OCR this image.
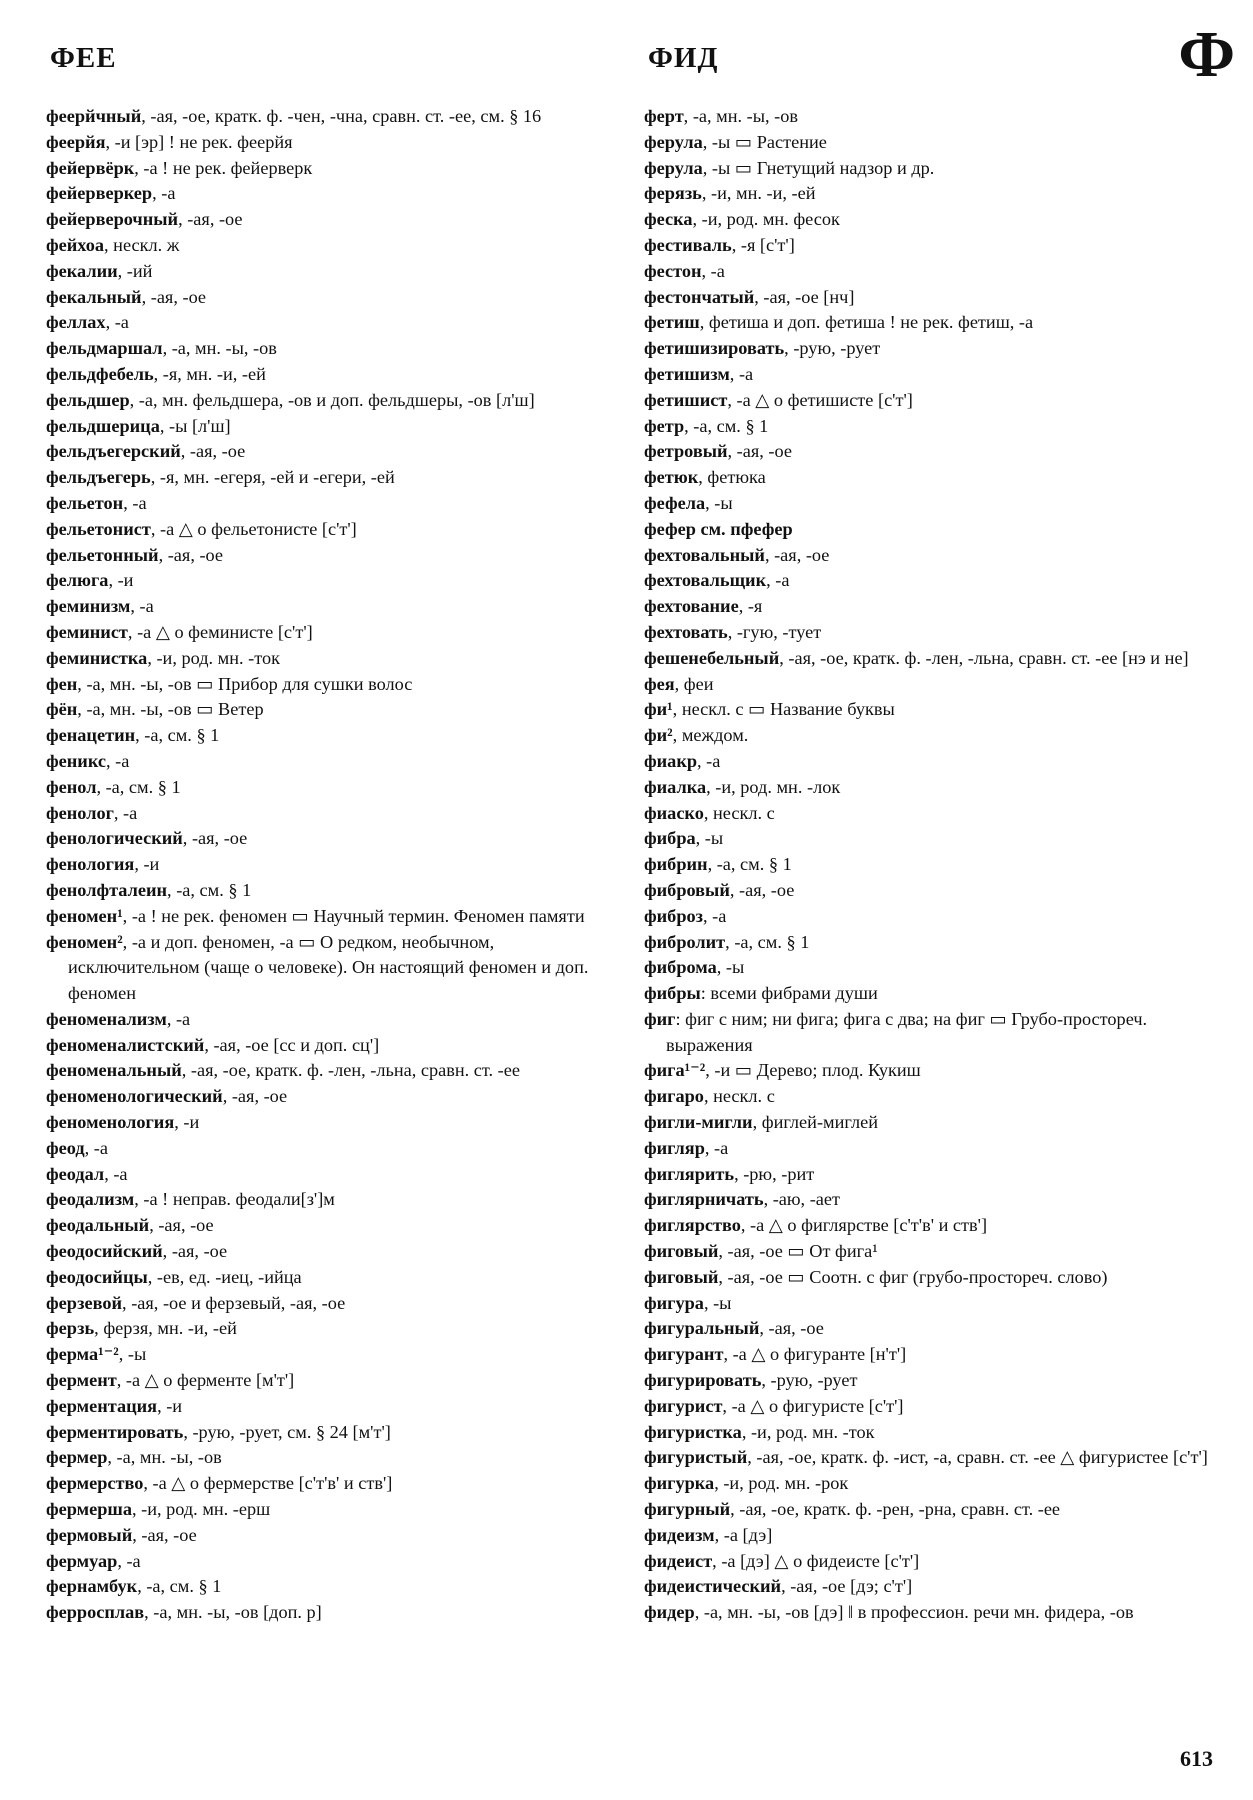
ФЕЕ	ФИД	Ф
феерйчный, -ая, -ое, кратк. ф. -чен, -чна, сравн. ст. -ее, см. § 16
феерйя, -и [эр] ! не рек. феерйя
фейервёрк, -а ! не рек. фейерверк
фейерверкер, -а
фейерверочный, -ая, -ое
фейхоа, нескл. ж
фекалии, -ий
фекальный, -ая, -ое
феллах, -а
фельдмаршал, -а, мн. -ы, -ов
фельдфебель, -я, мн. -и, -ей
фельдшер, -а, мн. фельдшера, -ов и доп. фельдшеры, -ов [л'ш]
фельдшерица, -ы [л'ш]
фельдъегерский, -ая, -ое
фельдъегерь, -я, мн. -егеря, -ей и -егери, -ей
фельетон, -а
фельетонист, -а △ о фельетонисте [с'т']
фельетонный, -ая, -ое
фелюга, -и
феминизм, -а
феминист, -а △ о феминисте [с'т']
феминистка, -и, род. мн. -ток
фен, -а, мн. -ы, -ов ▭ Прибор для сушки волос
фён, -а, мн. -ы, -ов ▭ Ветер
фенацетин, -а, см. § 1
феникс, -а
фенол, -а, см. § 1
фенолог, -а
фенологический, -ая, -ое
фенология, -и
фенолфталеин, -а, см. § 1
феномен¹, -а ! не рек. феномен ▭ Научный термин. Феномен памяти
феномен², -а и доп. феномен, -а ▭ О редком, необычном, исключительном (чаще о человеке). Он настоящий феномен и доп. феномен
феноменализм, -а
феноменалистский, -ая, -ое [сс и доп. сц']
феноменальный, -ая, -ое, кратк. ф. -лен, -льна, сравн. ст. -ее
феноменологический, -ая, -ое
феноменология, -и
феод, -а
феодал, -а
феодализм, -а ! неправ. феодали[з']м
феодальный, -ая, -ое
феодосийский, -ая, -ое
феодосийцы, -ев, ед. -иец, -ийца
ферзевой, -ая, -ое и ферзевый, -ая, -ое
ферзь, ферзя, мн. -и, -ей
ферма¹⁻², -ы
фермент, -а △ о ферменте [м'т']
ферментация, -и
ферментировать, -рую, -рует, см. § 24 [м'т']
фермер, -а, мн. -ы, -ов
фермерство, -а △ о фермерстве [с'т'в' и ств']
фермерша, -и, род. мн. -ерш
фермовый, -ая, -ое
фермуар, -а
фернамбук, -а, см. § 1
ферросплав, -а, мн. -ы, -ов [доп. р]
ферт, -а, мн. -ы, -ов
ферула, -ы ▭ Растение
ферула, -ы ▭ Гнетущий надзор и др.
ферязь, -и, мн. -и, -ей
феска, -и, род. мн. фесок
фестиваль, -я [с'т']
фестон, -а
фестончатый, -ая, -ое [нч]
фетиш, фетиша и доп. фетиша ! не рек. фетиш, -а
фетишизировать, -рую, -рует
фетишизм, -а
фетишист, -а △ о фетишисте [с'т']
фетр, -а, см. § 1
фетровый, -ая, -ое
фетюк, фетюка
фефела, -ы
фефер см. пфефер
фехтовальный, -ая, -ое
фехтовальщик, -а
фехтование, -я
фехтовать, -гую, -тует
фешенебельный, -ая, -ое, кратк. ф. -лен, -льна, сравн. ст. -ее [нэ и не]
фея, феи
фи¹, нескл. с ▭ Название буквы
фи², междом.
фиакр, -а
фиалка, -и, род. мн. -лок
фиаско, нескл. с
фибра, -ы
фибрин, -а, см. § 1
фибровый, -ая, -ое
фиброз, -а
фибролит, -а, см. § 1
фиброма, -ы
фибры: всеми фибрами души
фиг: фиг с ним; ни фига; фига с два; на фиг ▭ Грубо-простореч. выражения
фига¹⁻², -и ▭ Дерево; плод. Кукиш
фигаро, нескл. с
фигли-мигли, фиглей-миглей
фигляр, -а
фиглярить, -рю, -рит
фиглярничать, -аю, -ает
фиглярство, -а △ о фиглярстве [с'т'в' и ств']
фиговый, -ая, -ое ▭ От фига¹
фиговый, -ая, -ое ▭ Соотн. с фиг (грубо-простореч. слово)
фигура, -ы
фигуральный, -ая, -ое
фигурант, -а △ о фигуранте [н'т']
фигурировать, -рую, -рует
фигурист, -а △ о фигуристе [с'т']
фигуристка, -и, род. мн. -ток
фигуристый, -ая, -ое, кратк. ф. -ист, -а, сравн. ст. -ее △ фигуристее [с'т']
фигурка, -и, род. мн. -рок
фигурный, -ая, -ое, кратк. ф. -рен, -рна, сравн. ст. -ее
фидеизм, -а [дэ]
фидеист, -а [дэ] △ о фидеисте [с'т']
фидеистический, -ая, -ое [дэ; с'т']
фидер, -а, мн. -ы, -ов [дэ] ‖ в профессион. речи мн. фидера, -ов
613
